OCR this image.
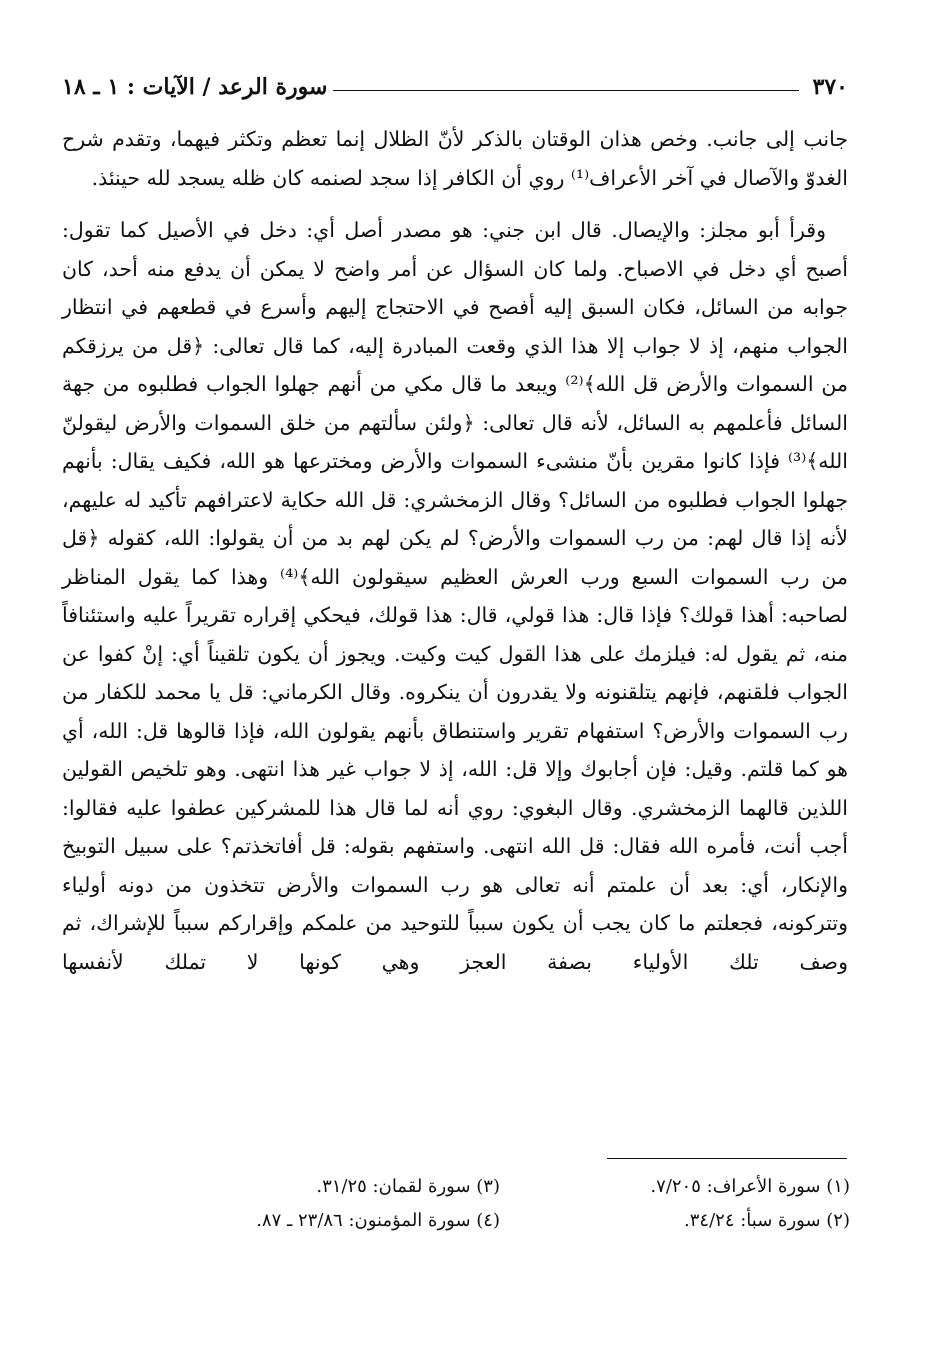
٣٧٠
سورة الرعد / الآيات : ١ ـ ١٨

جانب إلى جانب. وخص هذان الوقتان بالذكر لأنّ الظلال إنما تعظم وتكثر فيهما، وتقدم شرح الغدوّ والآصال في آخر الأعراف⁽¹⁾ روي أن الكافر إذا سجد لصنمه كان ظله يسجد لله حينئذ.

وقرأ أبو مجلز: والإيصال. قال ابن جني: هو مصدر أصل أي: دخل في الأصيل كما تقول: أصبح أي دخل في الاصباح. ولما كان السؤال عن أمر واضح لا يمكن أن يدفع منه أحد، كان جوابه من السائل، فكان السبق إليه أفصح في الاحتجاج إليهم وأسرع في قطعهم في انتظار الجواب منهم، إذ لا جواب إلا هذا الذي وقعت المبادرة إليه، كما قال تعالى: ﴿قل من يرزقكم من السموات والأرض قل الله﴾⁽²⁾ ويبعد ما قال مكي من أنهم جهلوا الجواب فطلبوه من جهة السائل فأعلمهم به السائل، لأنه قال تعالى: ﴿ولئن سألتهم من خلق السموات والأرض ليقولنّ الله﴾⁽³⁾ فإذا كانوا مقرين بأنّ منشىء السموات والأرض ومخترعها هو الله، فكيف يقال: بأنهم جهلوا الجواب فطلبوه من السائل؟ وقال الزمخشري: قل الله حكاية لاعترافهم تأكيد له عليهم، لأنه إذا قال لهم: من رب السموات والأرض؟ لم يكن لهم بد من أن يقولوا: الله، كقوله ﴿قل من رب السموات السبع ورب العرش العظيم سيقولون الله﴾⁽⁴⁾ وهذا كما يقول المناظر لصاحبه: أهذا قولك؟ فإذا قال: هذا قولي، قال: هذا قولك، فيحكي إقراره تقريراً عليه واستئنافاً منه، ثم يقول له: فيلزمك على هذا القول كيت وكيت. ويجوز أن يكون تلقيناً أي: إنْ كفوا عن الجواب فلقنهم، فإنهم يتلقنونه ولا يقدرون أن ينكروه. وقال الكرماني: قل يا محمد للكفار من رب السموات والأرض؟ استفهام تقرير واستنطاق بأنهم يقولون الله، فإذا قالوها قل: الله، أي هو كما قلتم. وقيل: فإن أجابوك وإلا قل: الله، إذ لا جواب غير هذا انتهى. وهو تلخيص القولين اللذين قالهما الزمخشري. وقال البغوي: روي أنه لما قال هذا للمشركين عطفوا عليه فقالوا: أجب أنت، فأمره الله فقال: قل الله انتهى. واستفهم بقوله: قل أفاتخذتم؟ على سبيل التوبيخ والإنكار، أي: بعد أن علمتم أنه تعالى هو رب السموات والأرض تتخذون من دونه أولياء وتتركونه، فجعلتم ما كان يجب أن يكون سبباً للتوحيد من علمكم وإقراركم سبباً للإشراك، ثم وصف تلك الأولياء بصفة العجز وهي كونها لا تملك لأنفسها

(١) سورة الأعراف: ٧/٢٠٥.
(٣) سورة لقمان: ٣١/٢٥.
(٢) سورة سبأ: ٣٤/٢٤.
(٤) سورة المؤمنون: ٢٣/٨٦ ـ ٨٧.
